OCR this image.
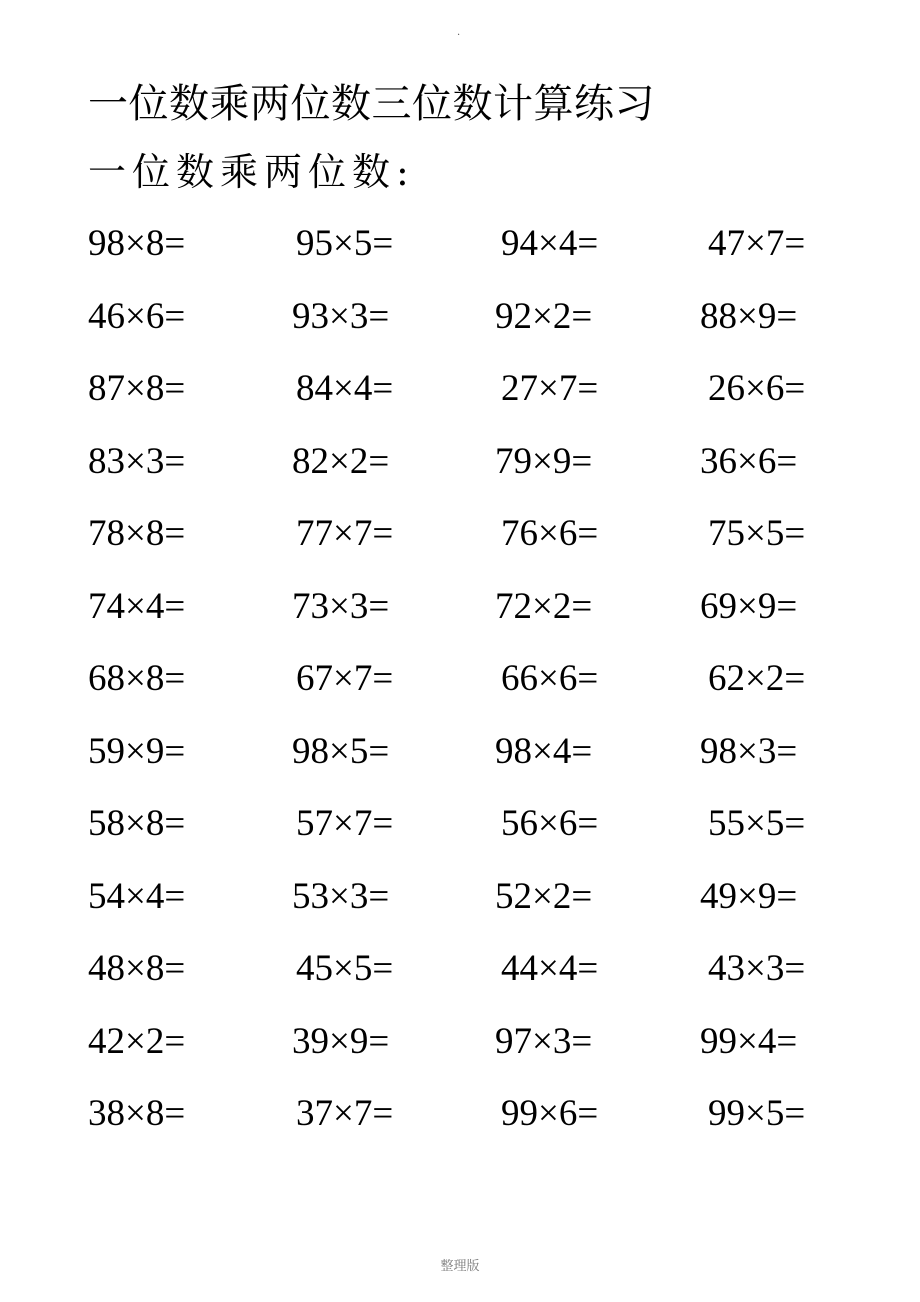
.
一位数乘两位数三位数计算练习
一位数乘两位数:
98×8=	95×5=	94×4=	47×7=
46×6=	93×3=	92×2=	88×9=
87×8=	84×4=	27×7=	26×6=
83×3=	82×2=	79×9=	36×6=
78×8=	77×7=	76×6=	75×5=
74×4=	73×3=	72×2=	69×9=
68×8=	67×7=	66×6=	62×2=
59×9=	98×5=	98×4=	98×3=
58×8=	57×7=	56×6=	55×5=
54×4=	53×3=	52×2=	49×9=
48×8=	45×5=	44×4=	43×3=
42×2=	39×9=	97×3=	99×4=
38×8=	37×7=	99×6=	99×5=
整理版
